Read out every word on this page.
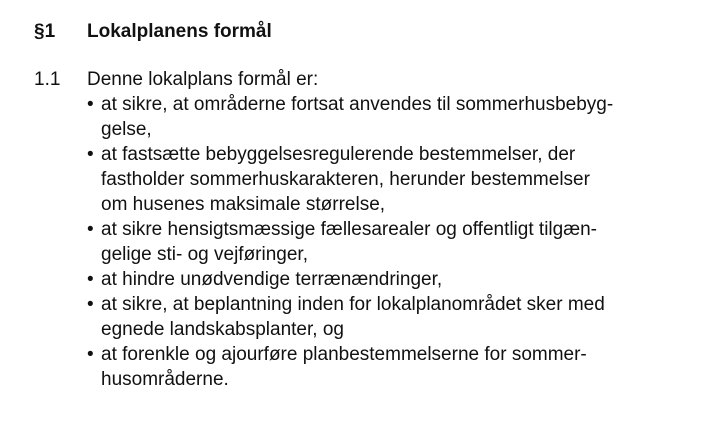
§1 Lokalplanens formål
1.1 Denne lokalplans formål er:

• at sikre, at områderne fortsat anvendes til sommerhusbebyg-
gelse,
• at fastsætte bebyggelsesregulerende bestemmelser, der
fastholder sommerhuskarakteren, herunder bestemmelser
om husenes maksimale størrelse,
• at sikre hensigtsmæssige fællesarealer og offentligt tilgæn-
gelige sti- og vejføringer,
• at hindre unødvendige terrænændringer,
• at sikre, at beplantning inden for lokalplanområdet sker med
egnede landskabsplanter, og
• at forenkle og ajourføre planbestemmelserne for sommer-
husområderne.
